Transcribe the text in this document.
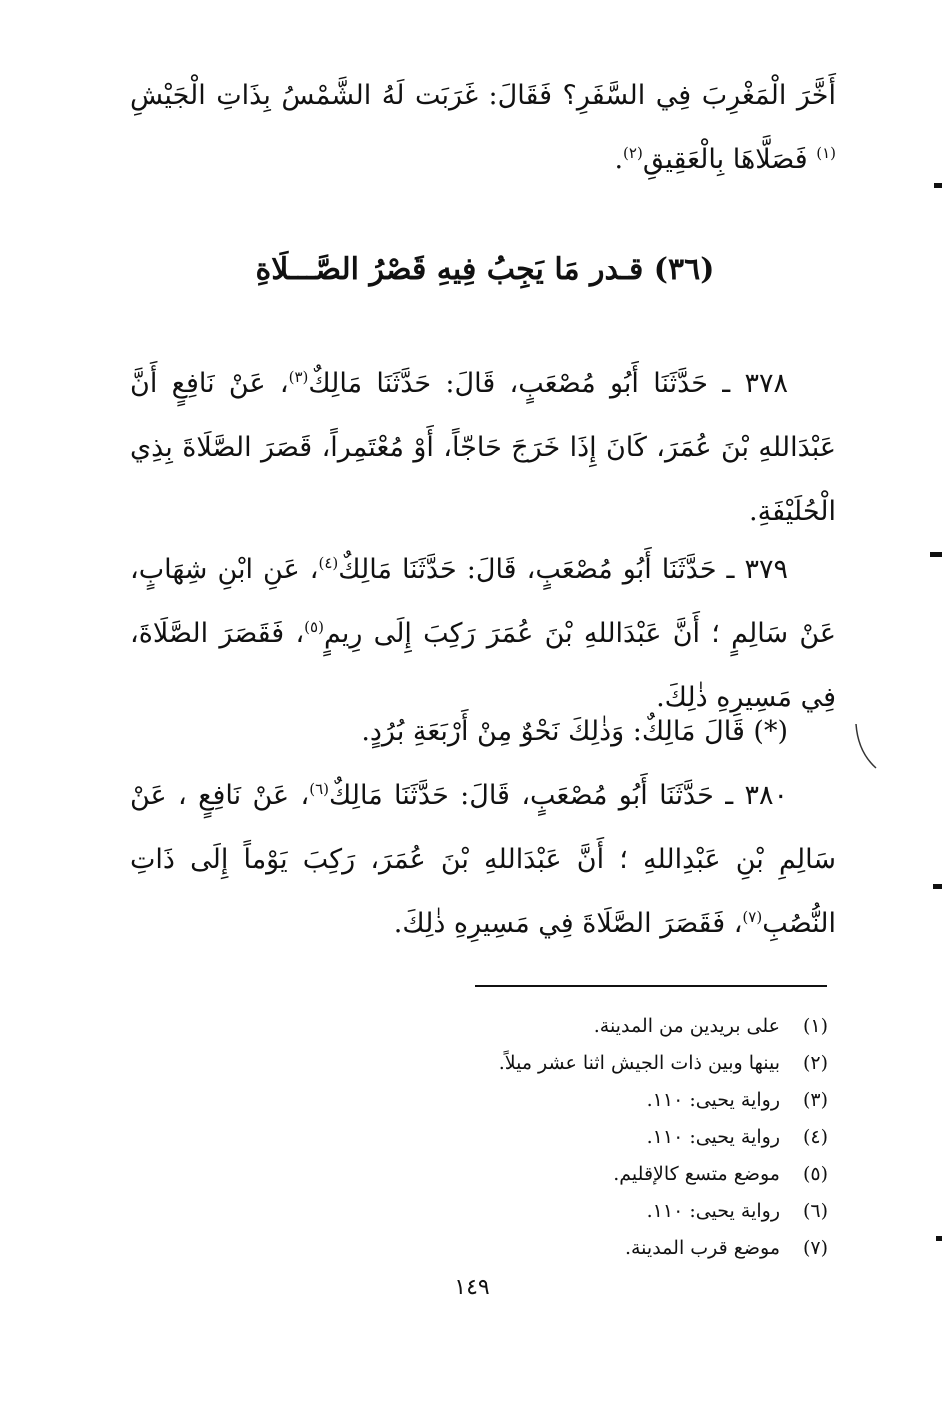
أَخَّرَ الْمَغْرِبَ فِي السَّفَرِ؟ فَقَالَ: غَرَبَت لَهُ الشَّمْسُ بِذَاتِ الْجَيْشِ $^{(١)}$ فَصَلَّاهَا بِالْعَقِيقِ$^{(٢)}$.
(٣٦) قـدر مَا يَجِبُ فِيهِ قَصْرُ الصَّـــلَاةِ
٣٧٨ ـ حَدَّثَنَا أَبُو مُصْعَبٍ، قَالَ: حَدَّثَنَا مَالِكٌ$^{(٣)}$، عَنْ نَافِعٍ أَنَّ عَبْدَاللهِ بْنَ عُمَرَ، كَانَ إِذَا خَرَجَ حَاجّاً، أَوْ مُعْتَمِراً، قَصَرَ الصَّلَاةَ بِذِي الْحُلَيْفَةِ.
٣٧٩ ـ حَدَّثَنَا أَبُو مُصْعَبٍ، قَالَ: حَدَّثَنَا مَالِكٌ$^{(٤)}$، عَنِ ابْنِ شِهَابٍ، عَنْ سَالِمٍ ؛ أَنَّ عَبْدَاللهِ بْنَ عُمَرَ رَكِبَ إِلَى رِيمٍ$^{(٥)}$، فَقَصَرَ الصَّلَاةَ، فِي مَسِيرِهِ ذٰلِكَ.
(*) قَالَ مَالِكٌ: وَذٰلِكَ نَحْوٌ مِنْ أَرْبَعَةِ بُرُدٍ.
٣٨٠ ـ حَدَّثَنَا أَبُو مُصْعَبٍ، قَالَ: حَدَّثَنَا مَالِكٌ$^{(٦)}$، عَنْ نَافِعٍ ، عَنْ سَالِمِ بْنِ عَبْدِاللهِ ؛ أَنَّ عَبْدَاللهِ بْنَ عُمَرَ، رَكِبَ يَوْماً إِلَى ذَاتِ النُّصُبِ$^{(٧)}$، فَقَصَرَ الصَّلَاةَ فِي مَسِيرِهِ ذٰلِكَ.
(١)على بريدين من المدينة.
(٢)بينها وبين ذات الجيش اثنا عشر ميلاً.
(٣)رواية يحيى: ١١٠.
(٤)رواية يحيى: ١١٠.
(٥)موضع متسع كالإقليم.
(٦)رواية يحيى: ١١٠.
(٧)موضع قرب المدينة.
١٤٩
